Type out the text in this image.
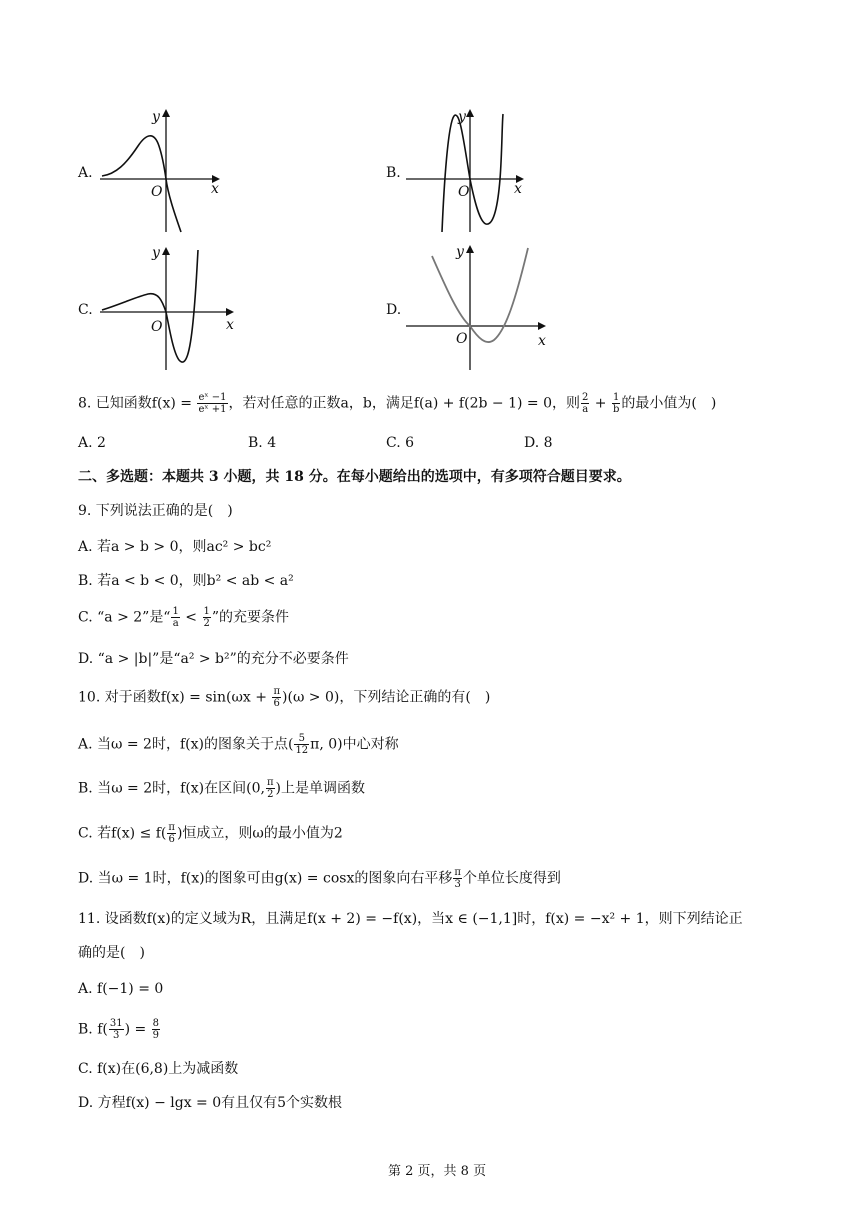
A.
y
x
O
B.
y
x
O
C.
y
x
O
D.
y
x
O
8. 已知函数$f(x) = \frac{\text{eˣ −1}}{\text{eˣ +1}}$ ，若对任意的正数a，b，满足f(a) + f(2b − 1) = 0，则 $\frac{2}{a} + \frac{1}{b}$ 的最小值为(　)
A. 2	B. 4	C. 6	D. 8
二、多选题：本题共 3 小题，共 18 分。在每小题给出的选项中，有多项符合题目要求。
9. 下列说法正确的是(　)
A. 若a > b > 0，则ac² > bc²
B. 若a < b < 0，则b² < ab < a²
C. “a > 2”是“ $\frac{1}{a} < \frac{1}{2}$ ”的充要条件
D. “a > |b|”是“a² > b²”的充分不必要条件
10. 对于函数$f(x) = \sin(\omega x + \frac{\pi}{6} )(\omega > 0)$，下列结论正确的有(　)
A. 当ω = 2时，f(x)的图象关于点( $\frac{5}{12} \pi$, 0)中心对称
B. 当ω = 2时，f(x)在区间(0, $\frac{\pi}{2}$ )上是单调函数
C. 若$f(x) \le f( \frac{\pi}{6}$ )恒成立，则ω的最小值为2
D. 当ω = 1时，f(x)的图象可由g(x) = cosx的图象向右平移 $\frac{\pi}{3}$ 个单位长度得到
11. 设函数f(x)的定义域为R，且满足f(x + 2) = −f(x)，当x ∈ (−1,1]时，f(x) = −x² + 1，则下列结论正
确的是(　)
A. f(−1) = 0
B. $f( \frac{31}{3}$ ) = $\frac{8}{9}$
C. f(x)在(6,8)上为减函数
D. 方程f(x) − lgx = 0有且仅有5个实数根
第 2 页，共 8 页
